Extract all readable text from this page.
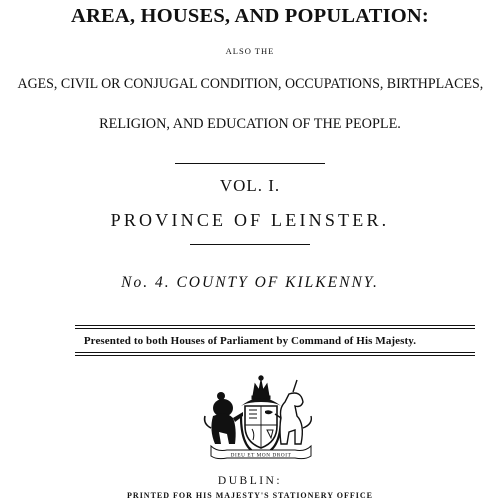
AREA, HOUSES, AND POPULATION:
ALSO THE
AGES, CIVIL OR CONJUGAL CONDITION, OCCUPATIONS, BIRTHPLACES,
RELIGION, AND EDUCATION OF THE PEOPLE.
VOL. I.
PROVINCE OF LEINSTER.
No. 4. COUNTY OF KILKENNY.
Presented to both Houses of Parliament by Command of His Majesty.
DIEU ET MON DROIT
DUBLIN:
PRINTED FOR HIS MAJESTY'S STATIONERY OFFICE
